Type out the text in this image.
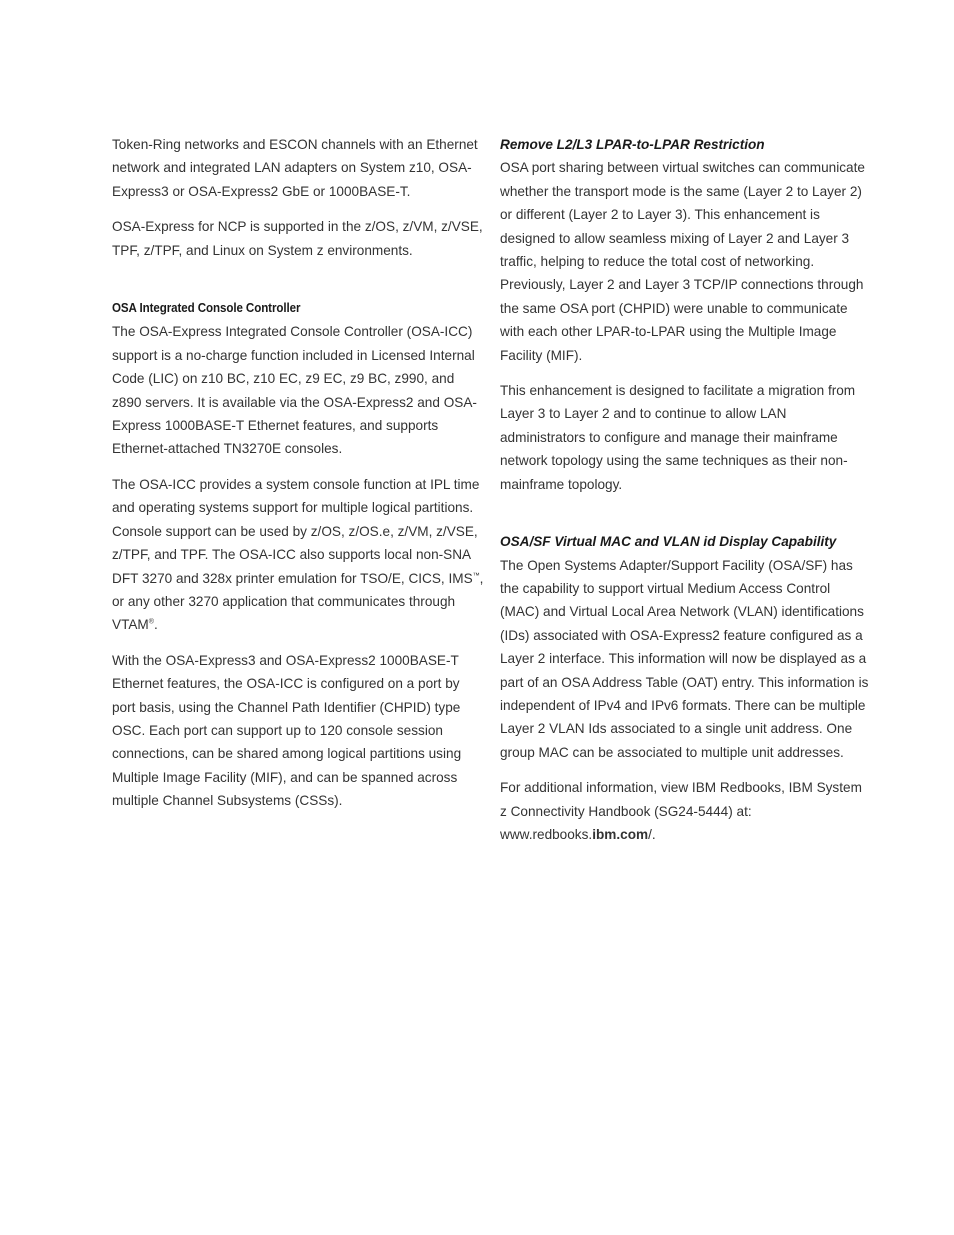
Token-Ring networks and ESCON channels with an Ethernet network and integrated LAN adapters on System z10, OSA-Express3 or OSA-Express2 GbE or 1000BASE-T.

OSA-Express for NCP is supported in the z/OS, z/VM, z/VSE, TPF, z/TPF, and Linux on System z environments.

OSA Integrated Console Controller

The OSA-Express Integrated Console Controller (OSA-ICC) support is a no-charge function included in Licensed Internal Code (LIC) on z10 BC, z10 EC, z9 EC, z9 BC, z990, and z890 servers. It is available via the OSA-Express2 and OSA-Express 1000BASE-T Ethernet features, and supports Ethernet-attached TN3270E consoles.

The OSA-ICC provides a system console function at IPL time and operating systems support for multiple logical partitions. Console support can be used by z/OS, z/OS.e, z/VM, z/VSE, z/TPF, and TPF. The OSA-ICC also supports local non-SNA DFT 3270 and 328x printer emulation for TSO/E, CICS, IMS™, or any other 3270 application that communicates through VTAM®.

With the OSA-Express3 and OSA-Express2 1000BASE-T Ethernet features, the OSA-ICC is configured on a port by port basis, using the Channel Path Identifier (CHPID) type OSC. Each port can support up to 120 console session connections, can be shared among logical partitions using Multiple Image Facility (MIF), and can be spanned across multiple Channel Subsystems (CSSs).

Remove L2/L3 LPAR-to-LPAR Restriction

OSA port sharing between virtual switches can communicate whether the transport mode is the same (Layer 2 to Layer 2) or different (Layer 2 to Layer 3). This enhancement is designed to allow seamless mixing of Layer 2 and Layer 3 traffic, helping to reduce the total cost of networking. Previously, Layer 2 and Layer 3 TCP/IP connections through the same OSA port (CHPID) were unable to communicate with each other LPAR-to-LPAR using the Multiple Image Facility (MIF).

This enhancement is designed to facilitate a migration from Layer 3 to Layer 2 and to continue to allow LAN administrators to configure and manage their mainframe network topology using the same techniques as their non-mainframe topology.

OSA/SF Virtual MAC and VLAN id Display Capability

The Open Systems Adapter/Support Facility (OSA/SF) has the capability to support virtual Medium Access Control (MAC) and Virtual Local Area Network (VLAN) identifications (IDs) associated with OSA-Express2 feature configured as a Layer 2 interface. This information will now be displayed as a part of an OSA Address Table (OAT) entry. This information is independent of IPv4 and IPv6 formats. There can be multiple Layer 2 VLAN Ids associated to a single unit address. One group MAC can be associated to multiple unit addresses.

For additional information, view IBM Redbooks, IBM System z Connectivity Handbook (SG24-5444) at: www.redbooks.ibm.com/.
